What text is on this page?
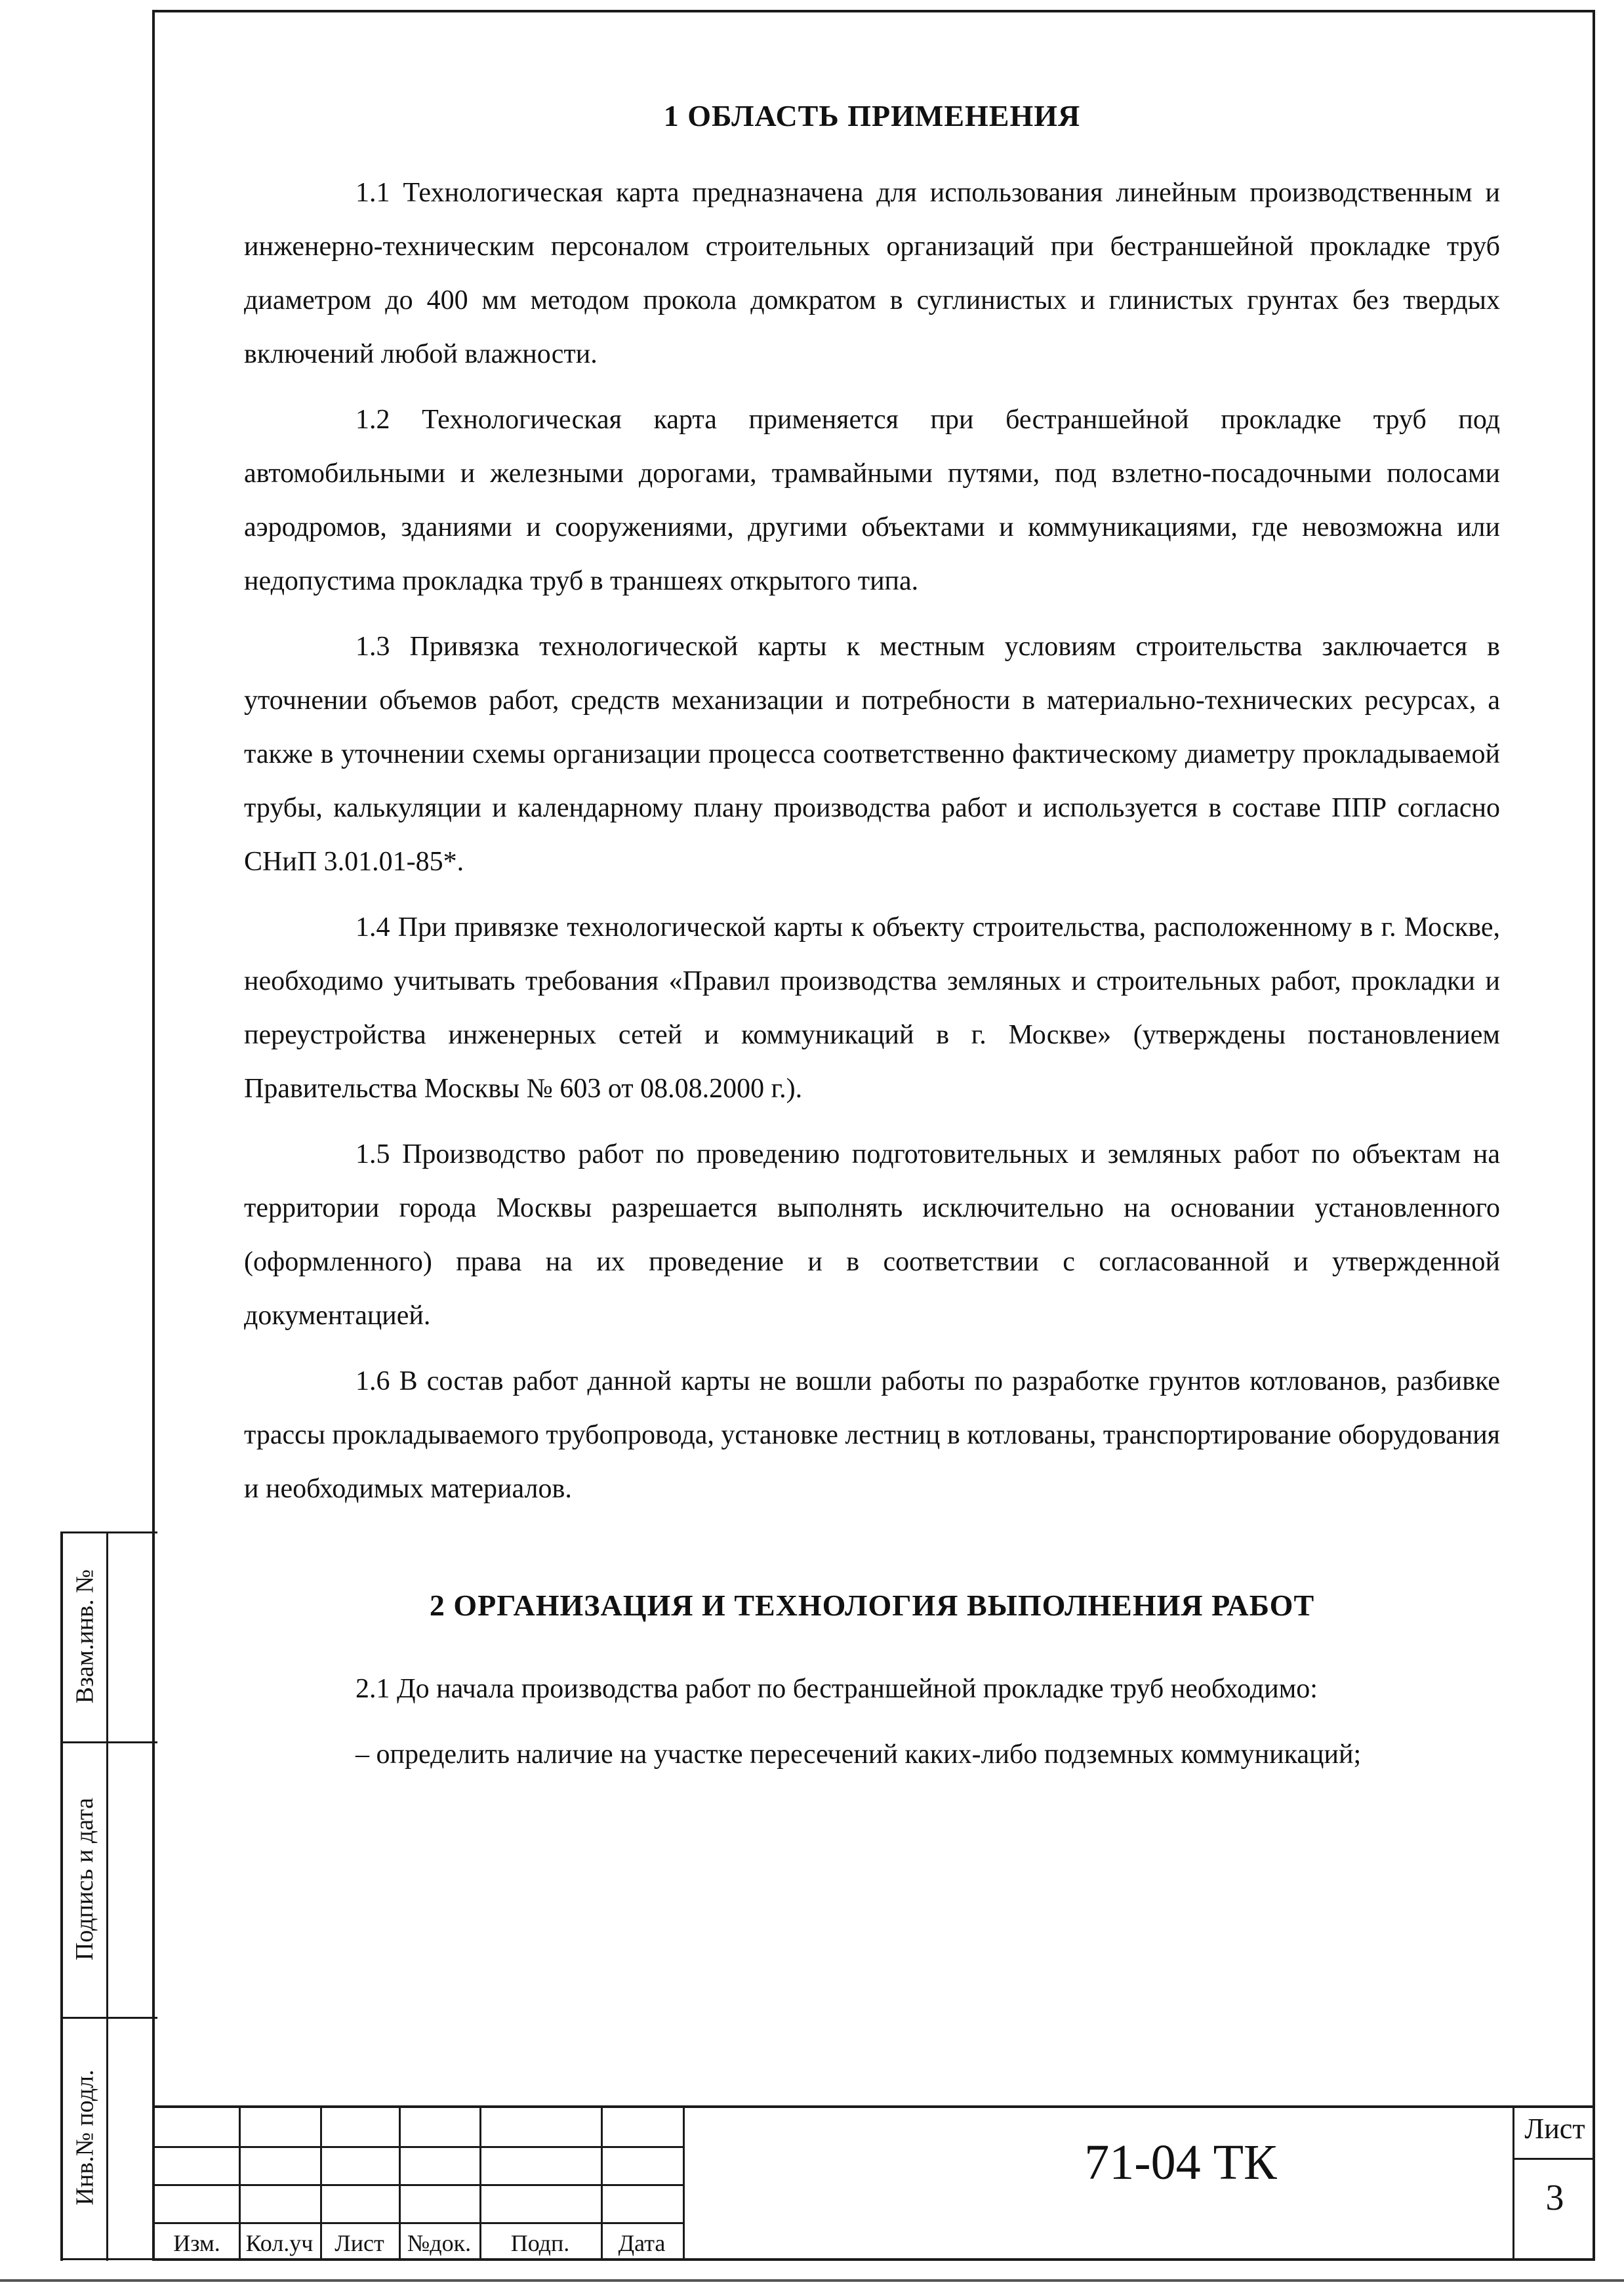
1 ОБЛАСТЬ ПРИМЕНЕНИЯ

1.1 Технологическая карта предназначена для использования линейным производственным и инженерно-техническим персоналом строительных организаций при бестраншейной прокладке труб диаметром до 400 мм методом прокола домкратом в суглинистых и глинистых грунтах без твердых включений любой влажности.

1.2 Технологическая карта применяется при бестраншейной прокладке труб под автомобильными и железными дорогами, трамвайными путями, под взлетно-посадочными полосами аэродромов, зданиями и сооружениями, другими объектами и коммуникациями, где невозможна или недопустима прокладка труб в траншеях открытого типа.

1.3 Привязка технологической карты к местным условиям строительства заключается в уточнении объемов работ, средств механизации и потребности в материально-технических ресурсах, а также в уточнении схемы организации процесса соответственно фактическому диаметру прокладываемой трубы, калькуляции и календарному плану производства работ и используется в составе ППР согласно СНиП 3.01.01-85*.

1.4 При привязке технологической карты к объекту строительства, расположенному в г. Москве, необходимо учитывать требования «Правил производства земляных и строительных работ, прокладки и переустройства инженерных сетей и коммуникаций в г. Москве» (утверждены постановлением Правительства Москвы № 603 от 08.08.2000 г.).

1.5 Производство работ по проведению подготовительных и земляных работ по объектам на территории города Москвы разрешается выполнять исключительно на основании установленного (оформленного) права на их проведение и в соответствии с согласованной и утвержденной документацией.

1.6 В состав работ данной карты не вошли работы по разработке грунтов котлованов, разбивке трассы прокладываемого трубопровода, установке лестниц в котлованы, транспортирование оборудования и необходимых материалов.

2 ОРГАНИЗАЦИЯ И ТЕХНОЛОГИЯ ВЫПОЛНЕНИЯ РАБОТ

2.1 До начала производства работ по бестраншейной прокладке труб необходимо:

– определить наличие на участке пересечений каких-либо подземных коммуникаций;

Взам.инв. №
Подпись и дата
Инв.№ подл.
Изм.	Кол.уч Лист №док.	Подп.	Дата
71-04 ТК
Лист
3
